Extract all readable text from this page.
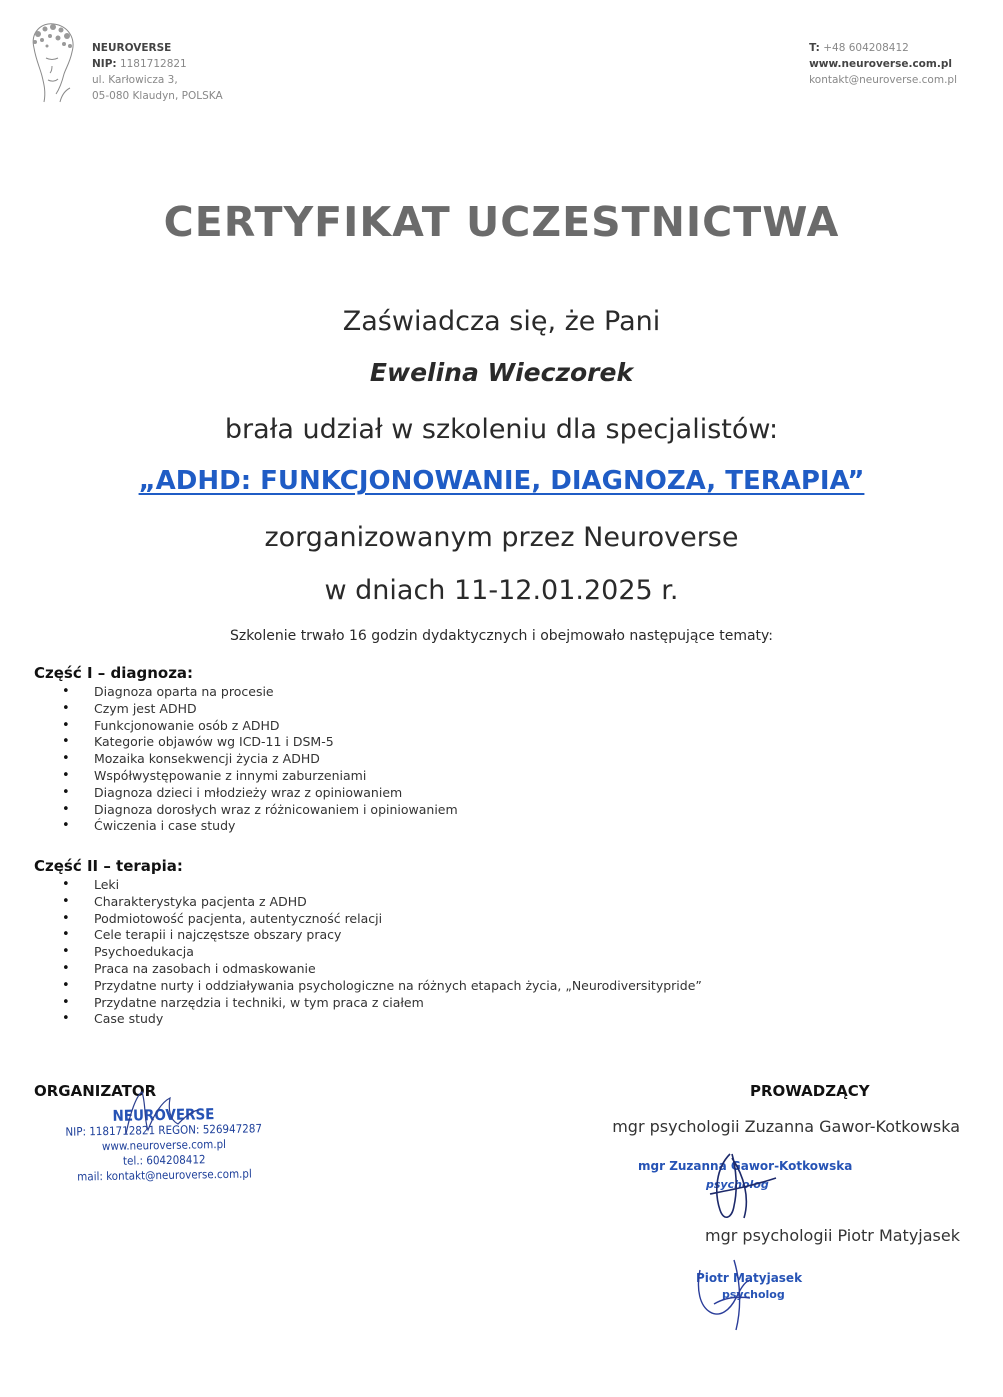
NEUROVERSE
NIP: 1181712821
ul. Karłowicza 3,
05-080 Klaudyn, POLSKA
T: +48 604208412
www.neuroverse.com.pl
kontakt@neuroverse.com.pl
CERTYFIKAT UCZESTNICTWA
Zaświadcza się, że Pani
Ewelina Wieczorek
brała udział w szkoleniu dla specjalistów:
„ADHD: FUNKCJONOWANIE, DIAGNOZA, TERAPIA”
zorganizowanym przez Neuroverse
w dniach 11-12.01.2025 r.
Szkolenie trwało 16 godzin dydaktycznych i obejmowało następujące tematy:
Część I – diagnoza:
• Diagnoza oparta na procesie
• Czym jest ADHD
• Funkcjonowanie osób z ADHD
• Kategorie objawów wg ICD-11 i DSM-5
• Mozaika konsekwencji życia z ADHD
• Współwystępowanie z innymi zaburzeniami
• Diagnoza dzieci i młodzieży wraz z opiniowaniem
• Diagnoza dorosłych wraz z różnicowaniem i opiniowaniem
• Ćwiczenia i case study
Część II – terapia:
• Leki
• Charakterystyka pacjenta z ADHD
• Podmiotowość pacjenta, autentyczność relacji
• Cele terapii i najczęstsze obszary pracy
• Psychoedukacja
• Praca na zasobach i odmaskowanie
• Przydatne nurty i oddziaływania psychologiczne na różnych etapach życia, „Neurodiversitypride”
• Przydatne narzędzia i techniki, w tym praca z ciałem
• Case study
ORGANIZATOR	PROWADZĄCY
NEUROVERSE
NIP: 1181712821 REGON: 526947287
www.neuroverse.com.pl
tel.: 604208412
mail: kontakt@neuroverse.com.pl
mgr psychologii Zuzanna Gawor-Kotkowska
mgr Zuzanna Gawor-Kotkowska
psycholog
mgr psychologii Piotr Matyjasek
Piotr Matyjasek
psycholog
